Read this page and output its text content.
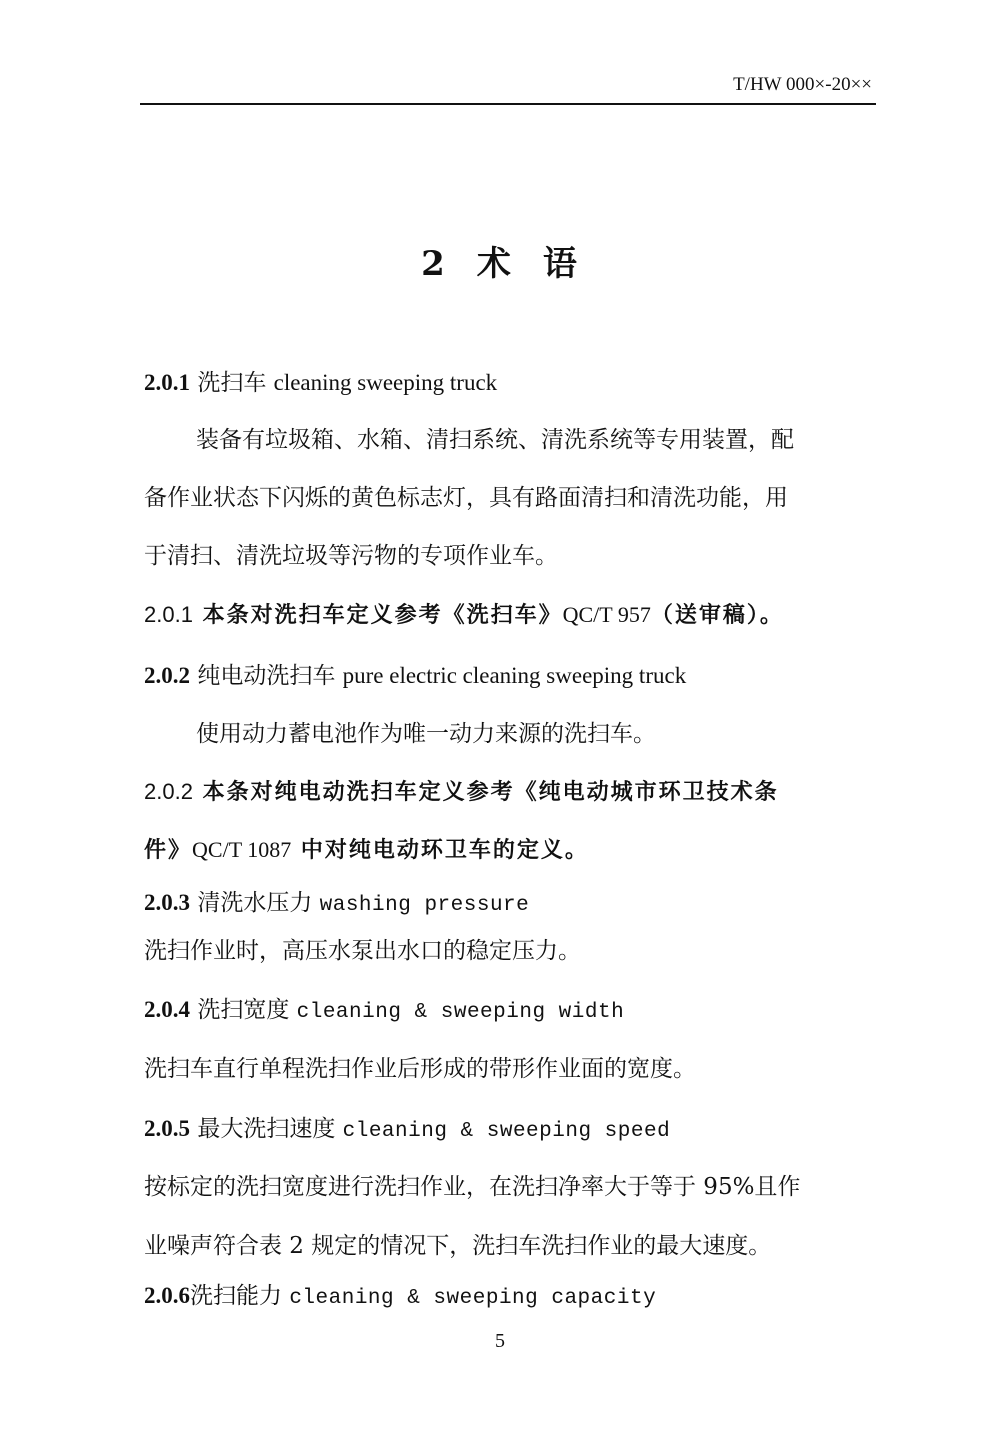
T/HW 000×-20××
2 术 语
2.0.1 洗扫车 cleaning sweeping truck
装备有垃圾箱、水箱、清扫系统、清洗系统等专用装置，配
备作业状态下闪烁的黄色标志灯，具有路面清扫和清洗功能，用
于清扫、清洗垃圾等污物的专项作业车。
2.0.1 本条对洗扫车定义参考《洗扫车》QC/T 957（送审稿）。
2.0.2 纯电动洗扫车 pure electric cleaning sweeping truck
使用动力蓄电池作为唯一动力来源的洗扫车。
2.0.2 本条对纯电动洗扫车定义参考《纯电动城市环卫技术条
件》QC/T 1087 中对纯电动环卫车的定义。
2.0.3 清洗水压力 washing pressure
洗扫作业时，高压水泵出水口的稳定压力。
2.0.4 洗扫宽度 cleaning & sweeping width
洗扫车直行单程洗扫作业后形成的带形作业面的宽度。
2.0.5 最大洗扫速度 cleaning & sweeping speed
按标定的洗扫宽度进行洗扫作业，在洗扫净率大于等于 95%且作
业噪声符合表 2 规定的情况下，洗扫车洗扫作业的最大速度。
2.0.6洗扫能力 cleaning & sweeping capacity
5
